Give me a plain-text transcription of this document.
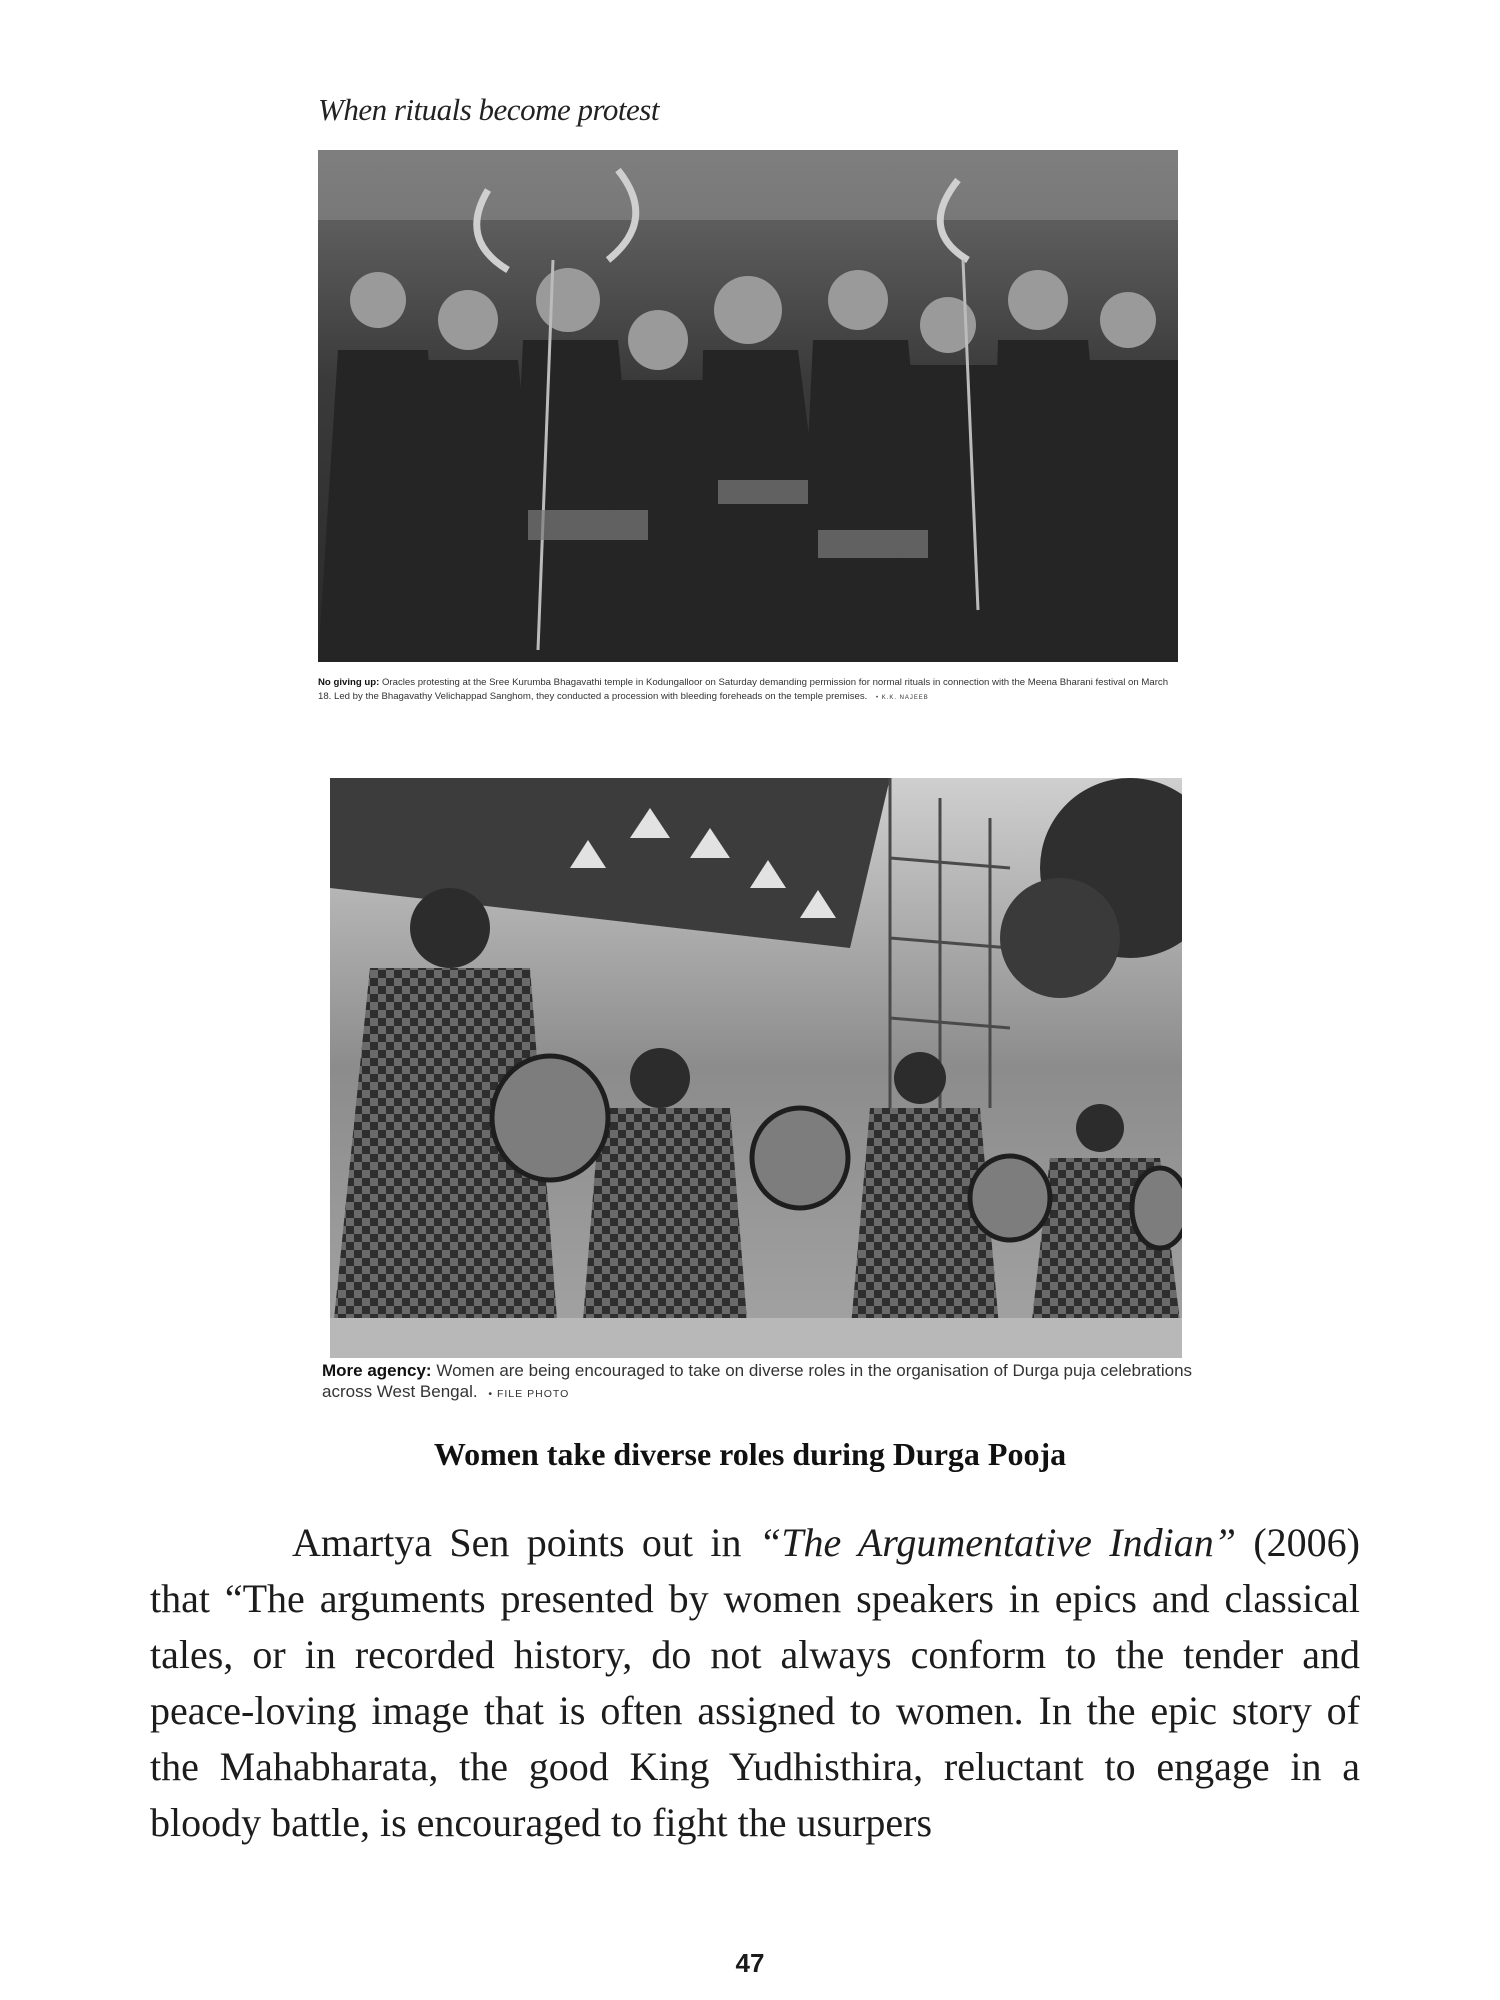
When rituals become protest
No giving up: Oracles protesting at the Sree Kurumba Bhagavathi temple in Kodungalloor on Saturday demanding permission for normal rituals in connection with the Meena Bharani festival on March 18. Led by the Bhagavathy Velichappad Sanghom, they conducted a procession with bleeding foreheads on the temple premises. • K.K. NAJEEB
More agency: Women are being encouraged to take on diverse roles in the organisation of Durga puja celebrations across West Bengal. • FILE PHOTO
Women take diverse roles during Durga Pooja

Amartya Sen points out in “The Argumentative Indian” (2006) that “The arguments presented by women speakers in epics and classical tales, or in recorded history, do not always conform to the tender and peace-loving image that is often assigned to women. In the epic story of the Mahabharata, the good King Yudhisthira, reluctant to engage in a bloody battle, is encouraged to fight the usurpers

47
